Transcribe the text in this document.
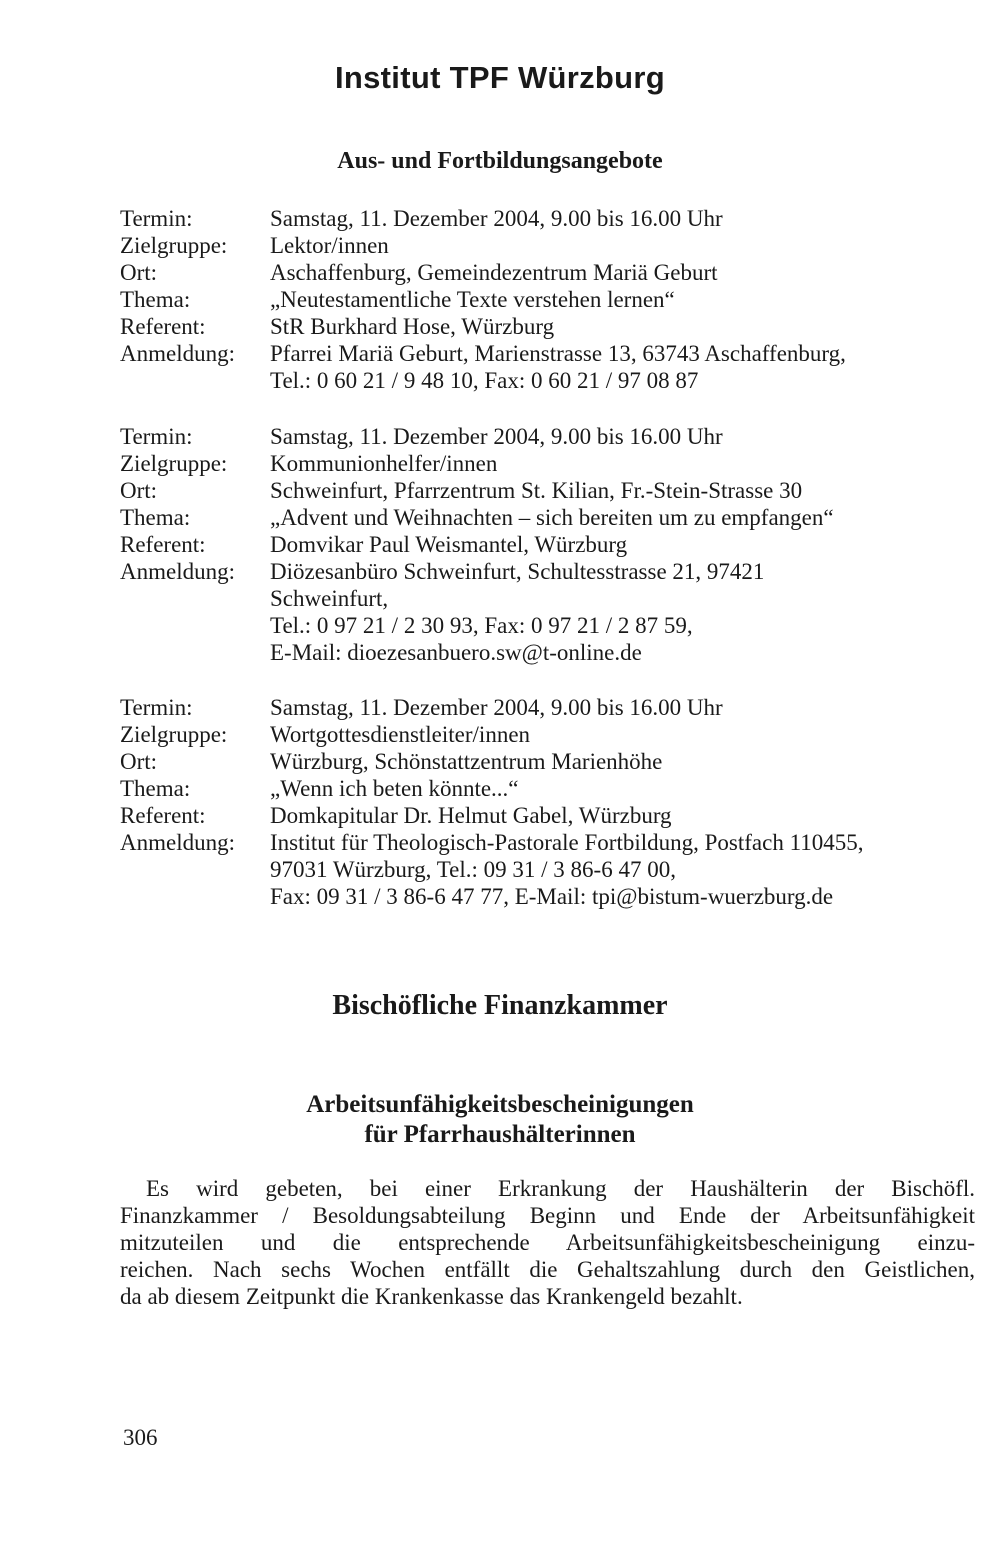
Institut TPF Würzburg
Aus- und Fortbildungsangebote
Termin:	Samstag, 11. Dezember 2004, 9.00 bis 16.00 Uhr
Zielgruppe:	Lektor/innen
Ort:	Aschaffenburg, Gemeindezentrum Mariä Geburt
Thema:	„Neutestamentliche Texte verstehen lernen“
Referent:	StR Burkhard Hose, Würzburg
Anmeldung:	Pfarrei Mariä Geburt, Marienstrasse 13, 63743 Aschaffenburg,
Tel.: 0 60 21 / 9 48 10, Fax: 0 60 21 / 97 08 87
Termin:	Samstag, 11. Dezember 2004, 9.00 bis 16.00 Uhr
Zielgruppe:	Kommunionhelfer/innen
Ort:	Schweinfurt, Pfarrzentrum St. Kilian, Fr.-Stein-Strasse 30
Thema:	„Advent und Weihnachten – sich bereiten um zu empfangen“
Referent:	Domvikar Paul Weismantel, Würzburg
Anmeldung:	Diözesanbüro Schweinfurt, Schultesstrasse 21, 97421
Schweinfurt,
Tel.: 0 97 21 / 2 30 93, Fax: 0 97 21 / 2 87 59,
E-Mail: dioezesanbuero.sw@t-online.de
Termin:	Samstag, 11. Dezember 2004, 9.00 bis 16.00 Uhr
Zielgruppe:	Wortgottesdienstleiter/innen
Ort:	Würzburg, Schönstattzentrum Marienhöhe
Thema:	„Wenn ich beten könnte...“
Referent:	Domkapitular Dr. Helmut Gabel, Würzburg
Anmeldung:	Institut für Theologisch-Pastorale Fortbildung, Postfach 110455,
97031 Würzburg, Tel.: 09 31 / 3 86-6 47 00,
Fax: 09 31 / 3 86-6 47 77, E-Mail: tpi@bistum-wuerzburg.de
Bischöfliche Finanzkammer
Arbeitsunfähigkeitsbescheinigungen
für Pfarrhaushälterinnen
Es wird gebeten, bei einer Erkrankung der Haushälterin der Bischöfl.
Finanzkammer / Besoldungsabteilung Beginn und Ende der Arbeitsunfähigkeit
mitzuteilen und die entsprechende Arbeitsunfähigkeitsbescheinigung einzu-
reichen. Nach sechs Wochen entfällt die Gehaltszahlung durch den Geistlichen,
da ab diesem Zeitpunkt die Krankenkasse das Krankengeld bezahlt.
306
